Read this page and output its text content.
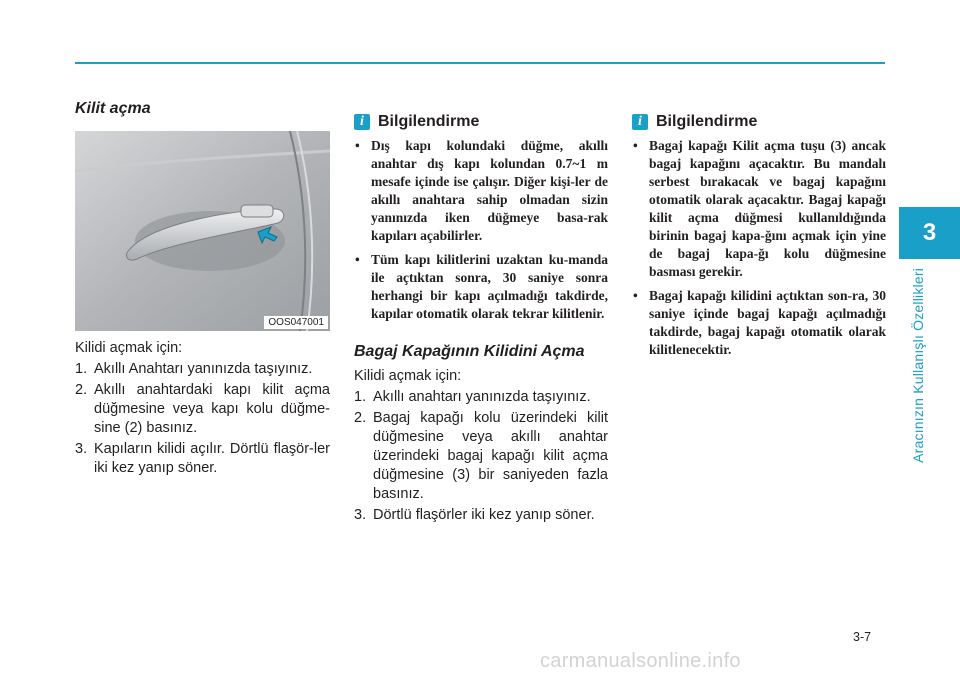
3
Aracınızın Kullanışlı Özellikleri
Kilit açma
OOS047001
Kilidi açmak için:
1. Akıllı Anahtarı yanınızda taşıyınız.
2. Akıllı anahtardaki kapı kilit açma düğmesine veya kapı kolu düğme-sine (2) basınız.
3. Kapıların kilidi açılır. Dörtlü flaşör-ler iki kez yanıp söner.
i Bilgilendirme
• Dış kapı kolundaki düğme, akıllı anahtar dış kapı kolundan 0.7~1 m mesafe içinde ise çalışır. Diğer kişi-ler de akıllı anahtara sahip olmadan sizin yanınızda iken düğmeye basa-rak kapıları açabilirler.
• Tüm kapı kilitlerini uzaktan ku-manda ile açtıktan sonra, 30 saniye sonra herhangi bir kapı açılmadığı takdirde, kapılar otomatik olarak tekrar kilitlenir.
Bagaj Kapağının Kilidini Açma
Kilidi açmak için:
1. Akıllı anahtarı yanınızda taşıyınız.
2. Bagaj kapağı kolu üzerindeki kilit düğmesine veya akıllı anahtar üzerindeki bagaj kapağı kilit açma düğmesine (3) bir saniyeden fazla basınız.
3. Dörtlü flaşörler iki kez yanıp söner.
i Bilgilendirme
• Bagaj kapağı Kilit açma tuşu (3) ancak bagaj kapağını açacaktır. Bu mandalı serbest bırakacak ve bagaj kapağını otomatik olarak açacaktır. Bagaj kapağı kilit açma düğmesi kullanıldığında birinin bagaj kapa-ğını açmak için yine de bagaj kapa-ğı kolu düğmesine basması gerekir.
• Bagaj kapağı kilidini açtıktan son-ra, 30 saniye içinde bagaj kapağı açılmadığı takdirde, bagaj kapağı otomatik olarak kilitlenecektir.
3-7
carmanualsonline.info
